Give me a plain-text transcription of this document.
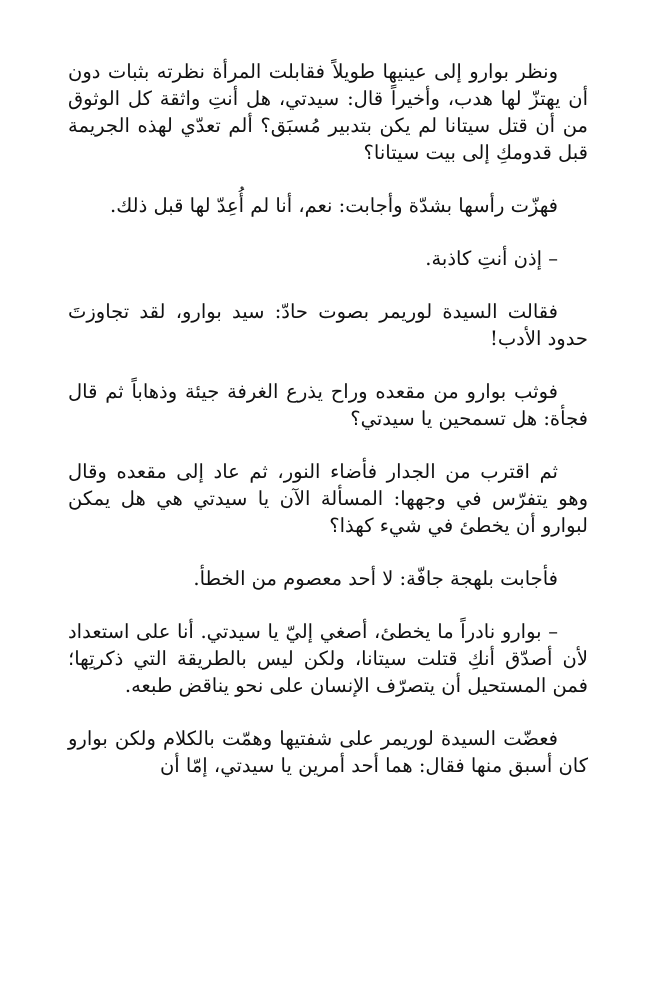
ونظر بوارو إلى عينيها طويلاً فقابلت المرأة نظرته بثبات دون أن يهتزّ لها هدب، وأخيراً قال: سيدتي، هل أنتِ واثقة كل الوثوق من أن قتل سيتانا لم يكن بتدبير مُسبَق؟ ألم تعدّي لهذه الجريمة قبل قدومكِ إلى بيت سيتانا؟

فهزّت رأسها بشدّة وأجابت: نعم، أنا لم أُعِدّ لها قبل ذلك.

– إذن أنتِ كاذبة.

فقالت السيدة لوريمر بصوت حادّ: سيد بوارو، لقد تجاوزتَ حدود الأدب!

فوثب بوارو من مقعده وراح يذرع الغرفة جيئة وذهاباً ثم قال فجأة: هل تسمحين يا سيدتي؟

ثم اقترب من الجدار فأضاء النور، ثم عاد إلى مقعده وقال وهو يتفرّس في وجهها: المسألة الآن يا سيدتي هي هل يمكن لبوارو أن يخطئ في شيء كهذا؟

فأجابت بلهجة جافّة: لا أحد معصوم من الخطأ.

– بوارو نادراً ما يخطئ، أصغي إليّ يا سيدتي. أنا على استعداد لأن أصدّق أنكِ قتلت سيتانا، ولكن ليس بالطريقة التي ذكرتِها؛ فمن المستحيل أن يتصرّف الإنسان على نحو يناقض طبعه.

فعضّت السيدة لوريمر على شفتيها وهمّت بالكلام ولكن بوارو كان أسبق منها فقال: هما أحد أمرين يا سيدتي، إمّا أن
